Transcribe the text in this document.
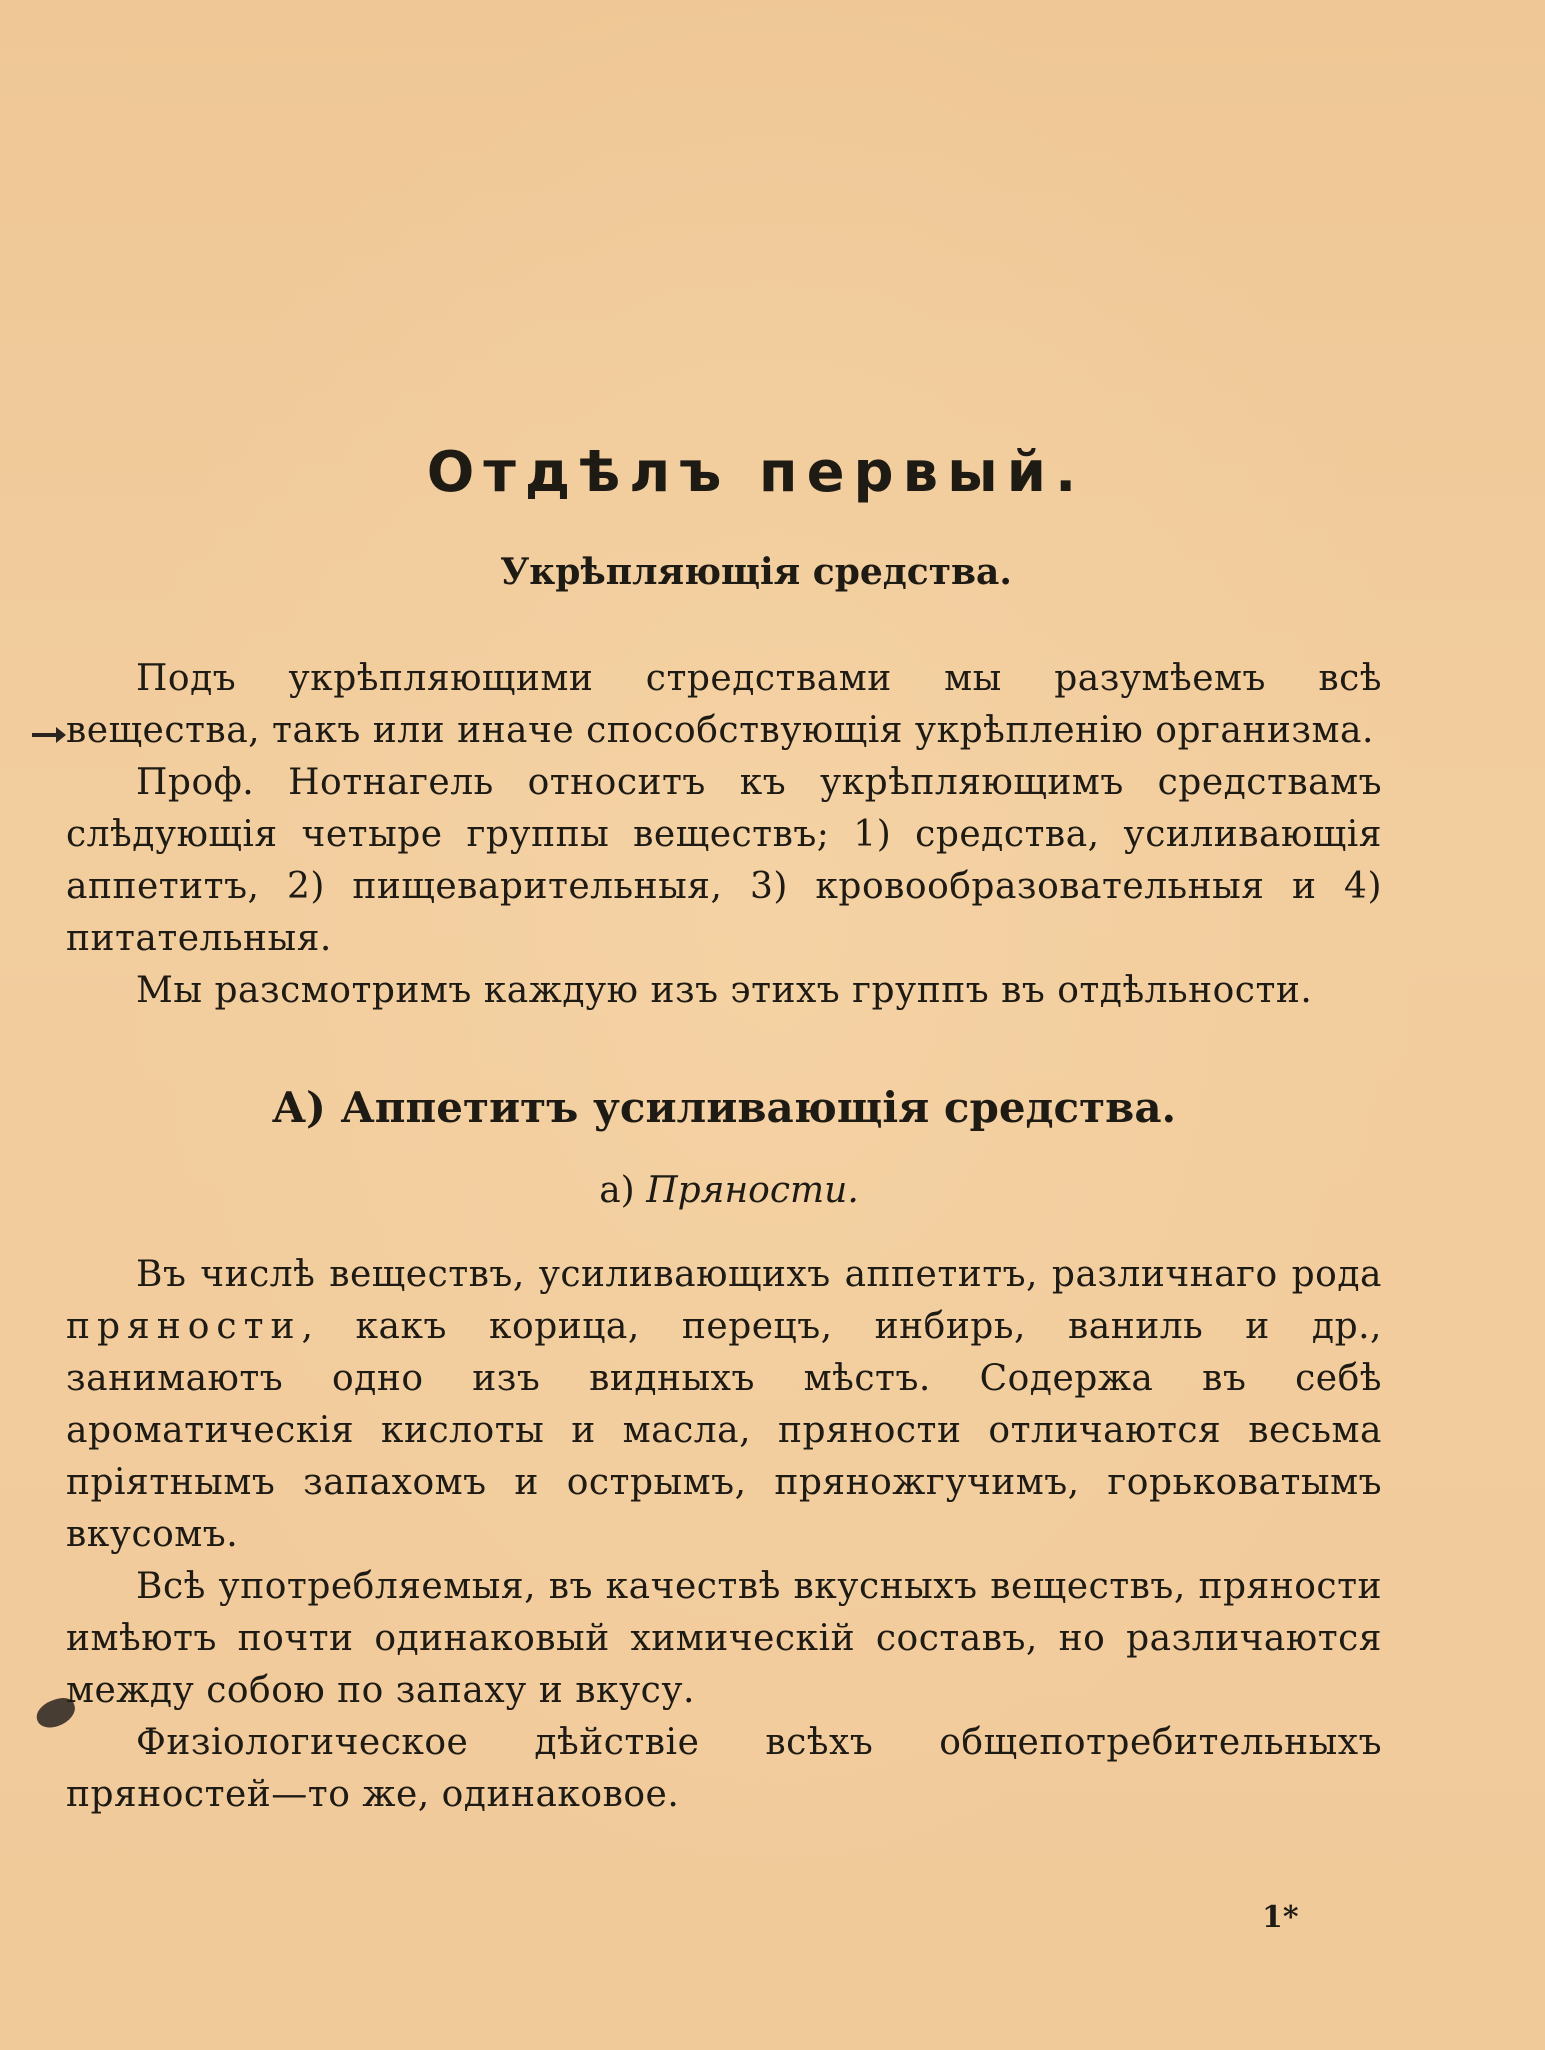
Отдѣлъ первый.
Укрѣпляющія средства.

Подъ укрѣпляющими стредствами мы разумѣемъ всѣ вещества, такъ или иначе способствующія укрѣпленію организма.

Проф. Нотнагель относитъ къ укрѣпляющимъ средствамъ слѣдующія четыре группы веществъ; 1) средства, усиливающія аппетитъ, 2) пищеварительныя, 3) кровообразовательныя и 4) питательныя.

Мы разсмотримъ каждую изъ этихъ группъ въ отдѣльности.

А) Аппетитъ усиливающія средства.
а) Пряности.

Въ числѣ веществъ, усиливающихъ аппетитъ, различнаго рода пряности, какъ корица, перецъ, инбирь, ваниль и др., занимаютъ одно изъ видныхъ мѣстъ. Содержа въ себѣ ароматическія кислоты и масла, пряности отличаются весьма пріятнымъ запахомъ и острымъ, пряножгучимъ, горьковатымъ вкусомъ.

Всѣ употребляемыя, въ качествѣ вкусныхъ веществъ, пряности имѣютъ почти одинаковый химическій составъ, но различаются между собою по запаху и вкусу.

Физіологическое дѣйствіе всѣхъ общепотребительныхъ пряностей—то же, одинаковое.

1*
